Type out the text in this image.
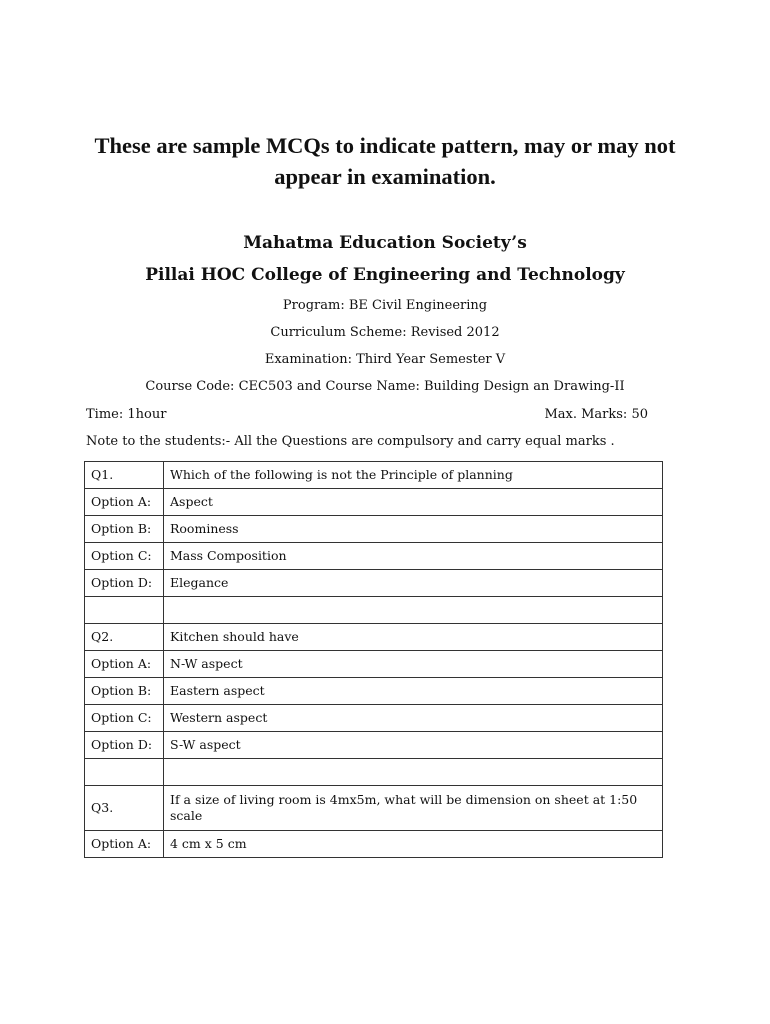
These are sample MCQs to indicate pattern, may or may not appear in examination.
Mahatma Education Society’s
Pillai HOC College of Engineering and Technology
Program: BE Civil Engineering
Curriculum Scheme: Revised 2012
Examination: Third Year Semester V
Course Code: CEC503 and Course Name: Building Design an Drawing-II
Time: 1hour	Max. Marks: 50
Note to the students:- All the Questions are compulsory and carry equal marks .
Q1.	Which of the following is not the Principle of planning
Option A:	Aspect
Option B:	Roominess
Option C:	Mass Composition
Option D:	Elegance

Q2.	Kitchen should have
Option A:	N-W aspect
Option B:	Eastern aspect
Option C:	Western aspect
Option D:	S-W aspect

Q3.	If a size of living room is 4mx5m, what will be dimension on sheet at 1:50 scale
Option A:	4 cm x 5 cm
